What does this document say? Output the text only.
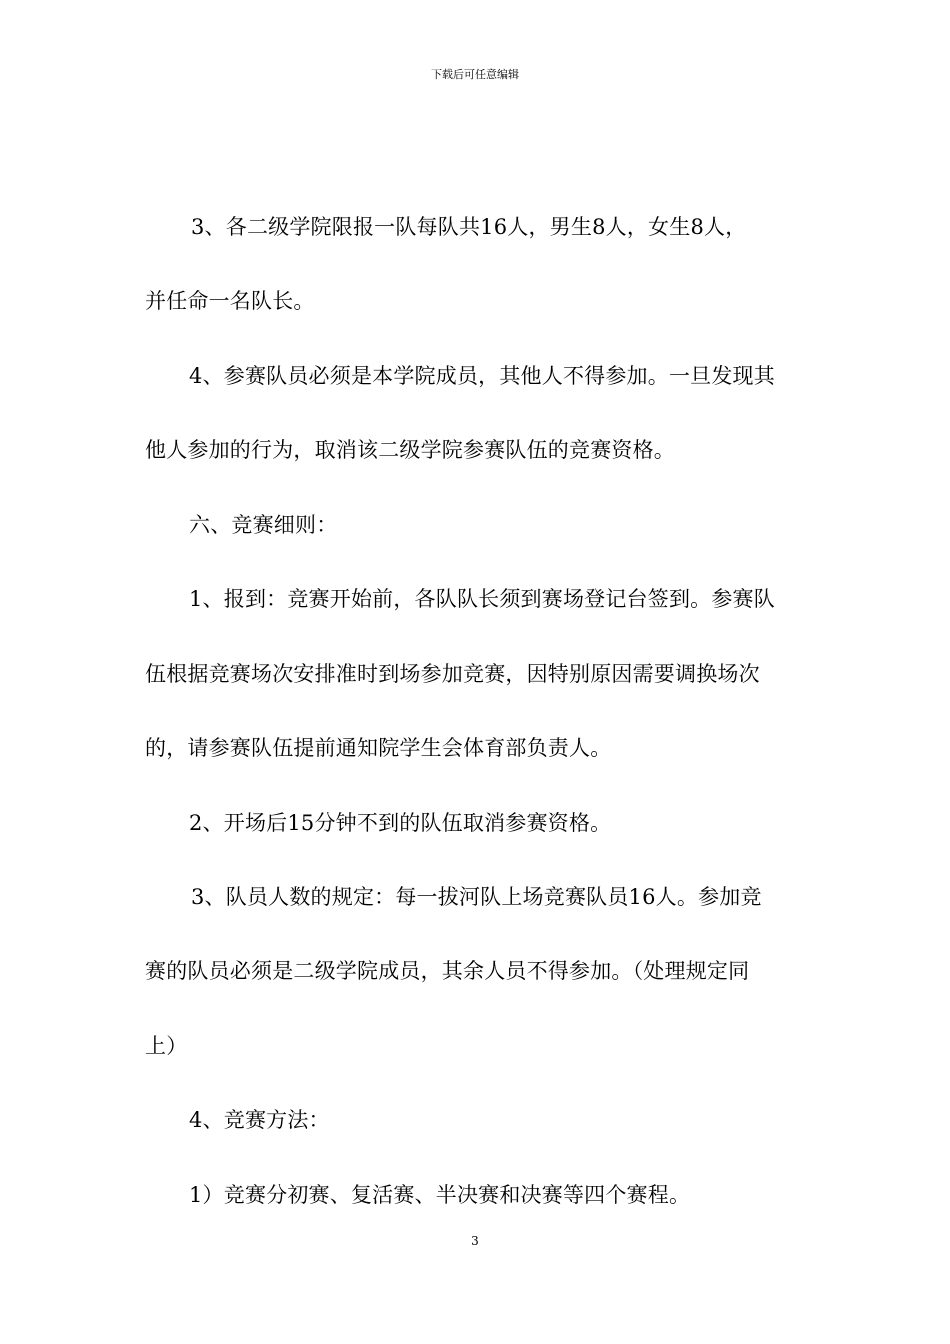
下载后可任意编辑
3、各二级学院限报一队每队共16人，男生8人，女生8人，
并任命一名队长。
4、参赛队员必须是本学院成员，其他人不得参加。一旦发现其
他人参加的行为，取消该二级学院参赛队伍的竞赛资格。
六、竞赛细则：
1、报到：竞赛开始前，各队队长须到赛场登记台签到。参赛队
伍根据竞赛场次安排准时到场参加竞赛，因特别原因需要调换场次
的，请参赛队伍提前通知院学生会体育部负责人。
2、开场后15分钟不到的队伍取消参赛资格。
3、队员人数的规定：每一拔河队上场竞赛队员16人。参加竞
赛的队员必须是二级学院成员，其余人员不得参加。（处理规定同
上）
4、竞赛方法：
1）竞赛分初赛、复活赛、半决赛和决赛等四个赛程。
3
